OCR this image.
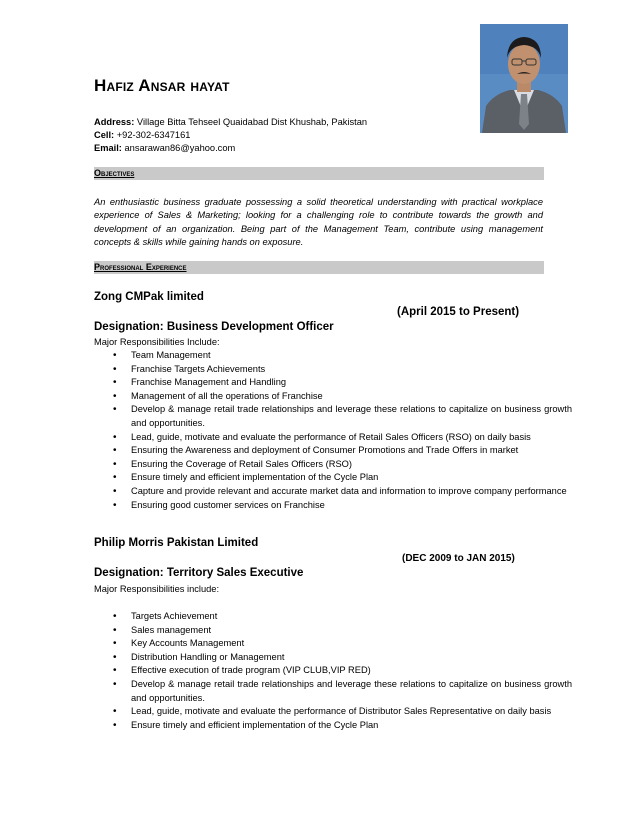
Hafiz Ansar hayat
Address: Village Bitta Tehseel Quaidabad Dist Khushab, Pakistan
Cell: +92-302-6347161
Email: ansarawan86@yahoo.com
Objectives
An enthusiastic business graduate possessing a solid theoretical understanding with practical workplace experience of Sales & Marketing; looking for a challenging role to contribute towards the growth and development of an organization. Being part of the Management Team, contribute using management concepts & skills while gaining hands on exposure.
Professional Experience
Zong CMPak limited
(April 2015 to Present)
Designation: Business Development Officer
Major Responsibilities Include:
• Team Management
• Franchise Targets Achievements
• Franchise Management and Handling
• Management of all the operations of Franchise
• Develop & manage retail trade relationships and leverage these relations to capitalize on business growth and opportunities.
• Lead, guide, motivate and evaluate the performance of Retail Sales Officers (RSO) on daily basis
• Ensuring the Awareness and deployment of Consumer Promotions and Trade Offers in market
• Ensuring the Coverage of Retail Sales Officers (RSO)
• Ensure timely and efficient implementation of the Cycle Plan
• Capture and provide relevant and accurate market data and information to improve company performance
• Ensuring good customer services on Franchise
Philip Morris Pakistan Limited
(DEC 2009 to JAN 2015)
Designation: Territory Sales Executive
Major Responsibilities include:
• Targets Achievement
• Sales management
• Key Accounts Management
• Distribution Handling or Management
• Effective execution of trade program (VIP CLUB,VIP RED)
• Develop & manage retail trade relationships and leverage these relations to capitalize on business growth and opportunities.
• Lead, guide, motivate and evaluate the performance of Distributor Sales Representative on daily basis
• Ensure timely and efficient implementation of the Cycle Plan
